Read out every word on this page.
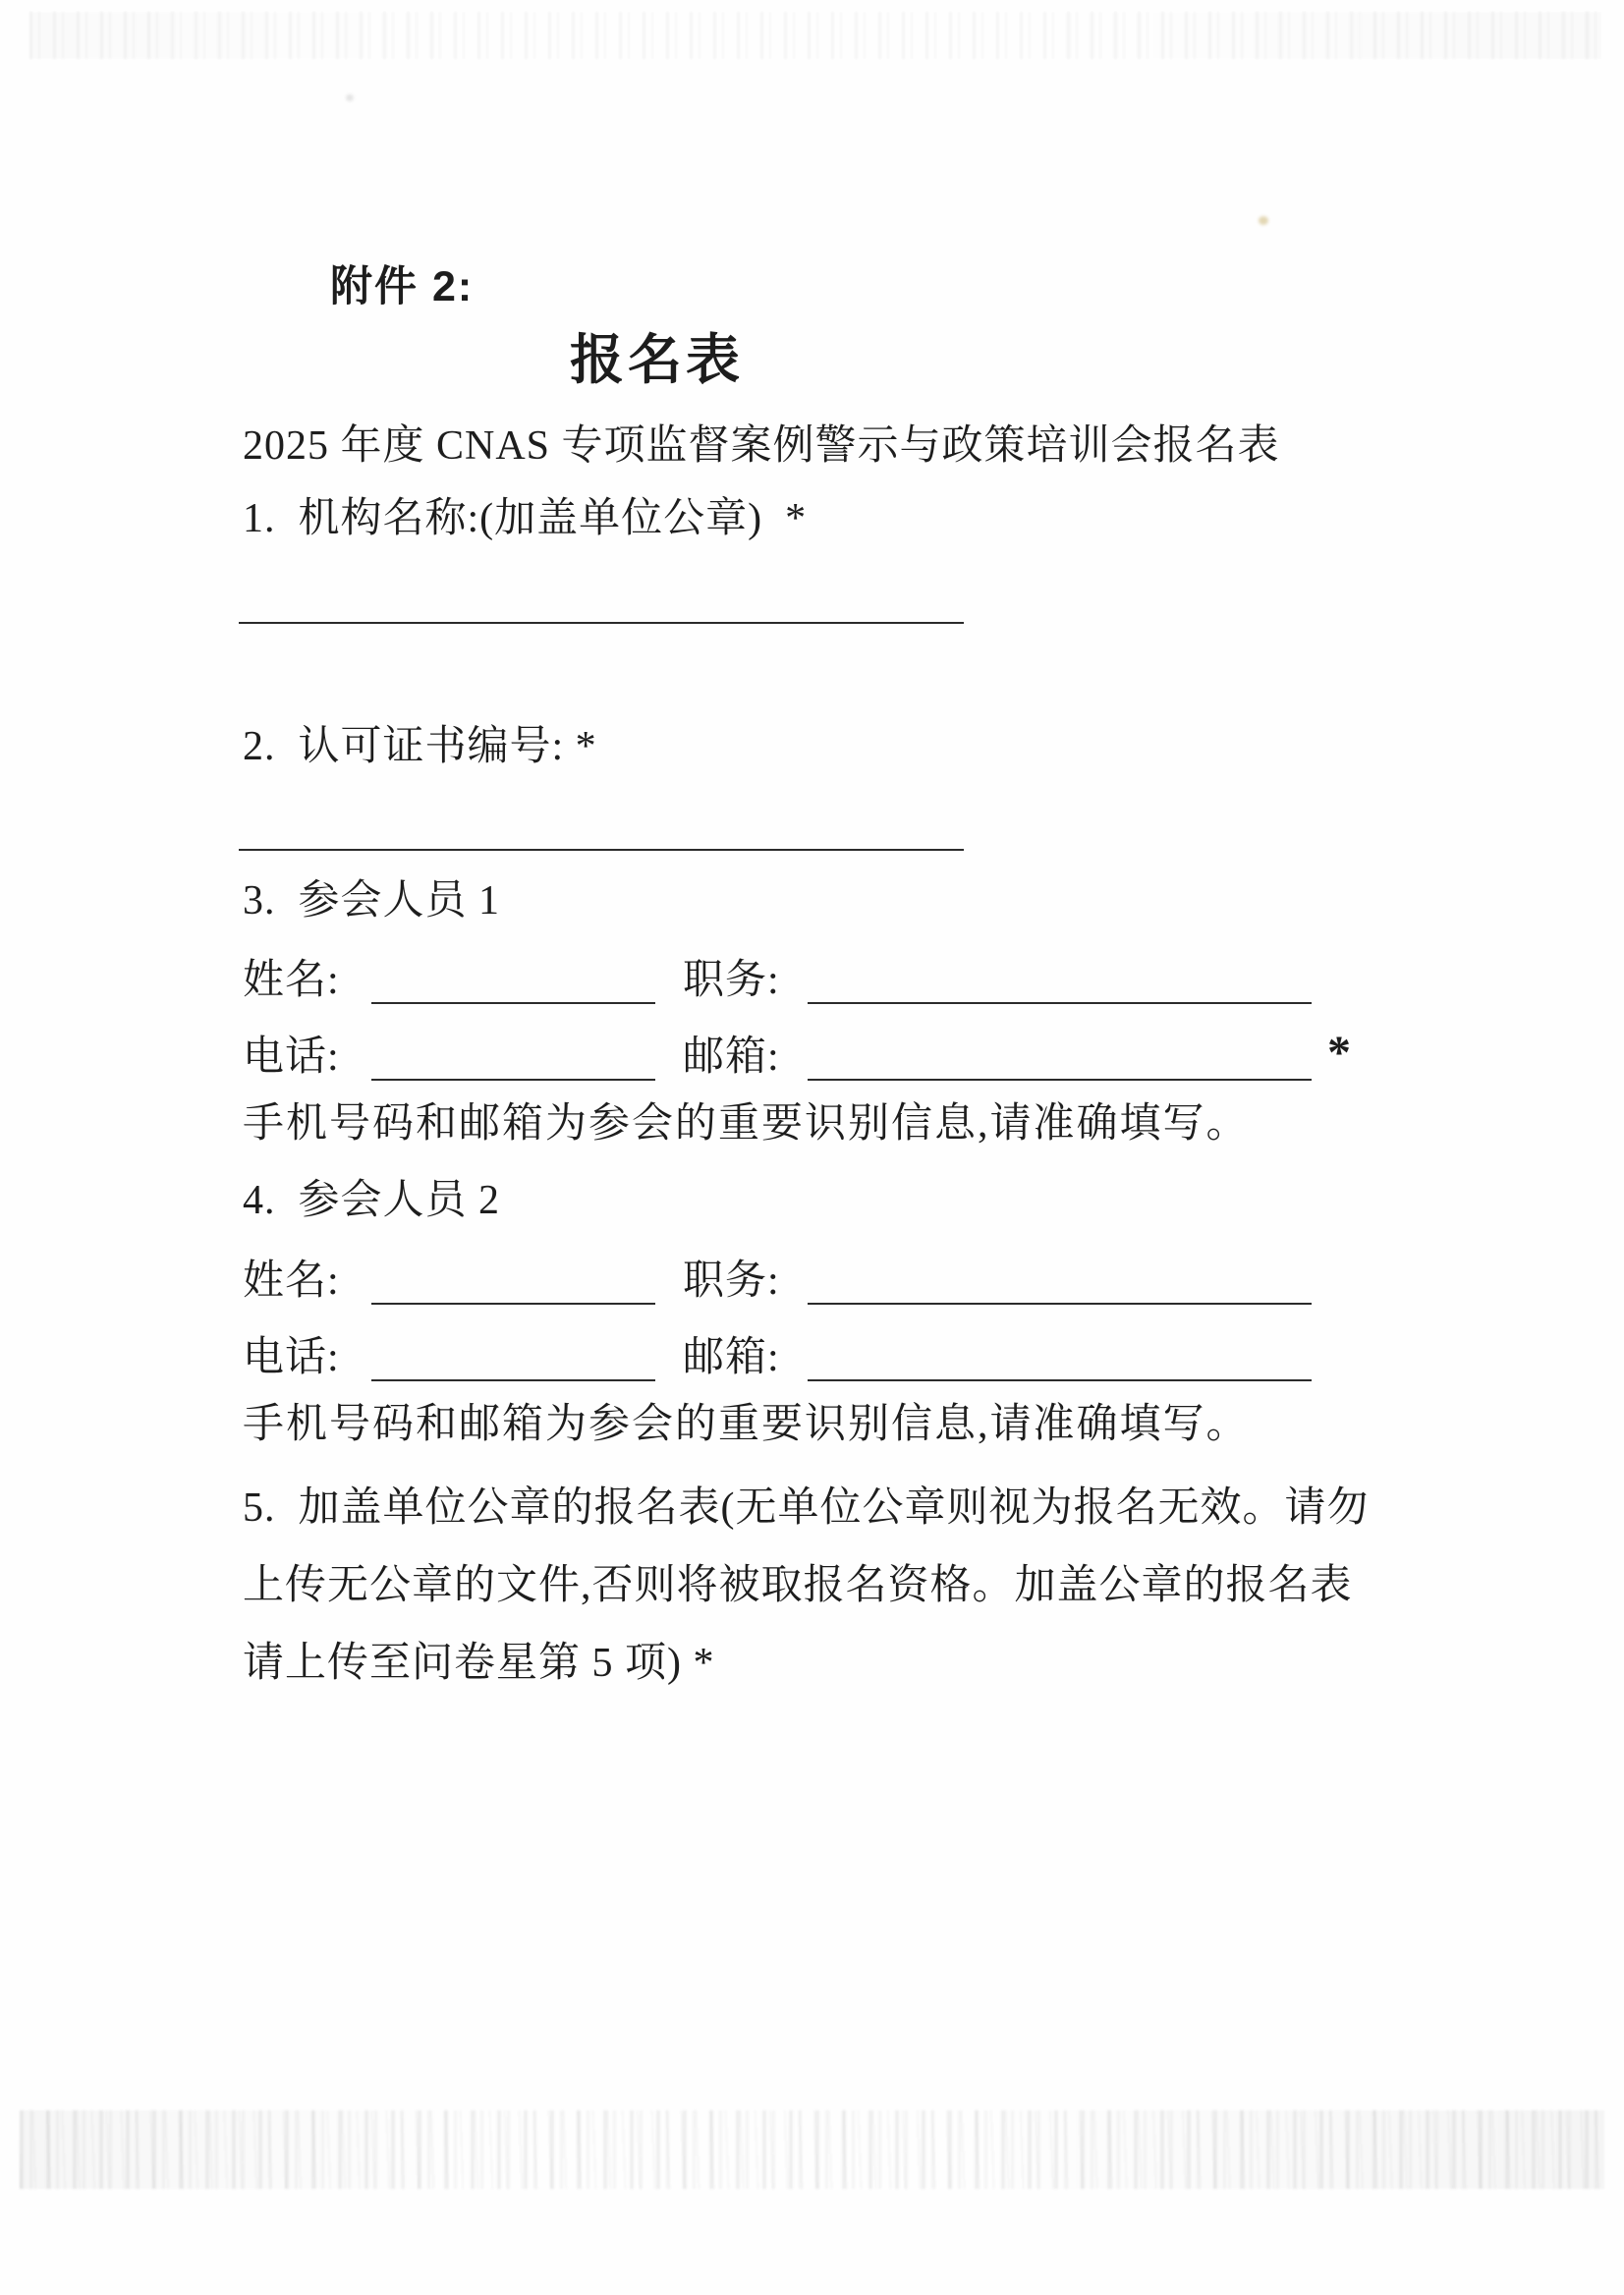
附件 2:
报名表
2025 年度 CNAS 专项监督案例警示与政策培训会报名表
1.  机构名称:(加盖单位公章)  *
2.  认可证书编号: *
3.  参会人员 1
姓名:	职务:
电话:	邮箱:	*
手机号码和邮箱为参会的重要识别信息,请准确填写。
4.  参会人员 2
姓名:	职务:
电话:	邮箱:
手机号码和邮箱为参会的重要识别信息,请准确填写。
5.  加盖单位公章的报名表(无单位公章则视为报名无效。请勿
上传无公章的文件,否则将被取报名资格。加盖公章的报名表
请上传至问卷星第 5 项) *
